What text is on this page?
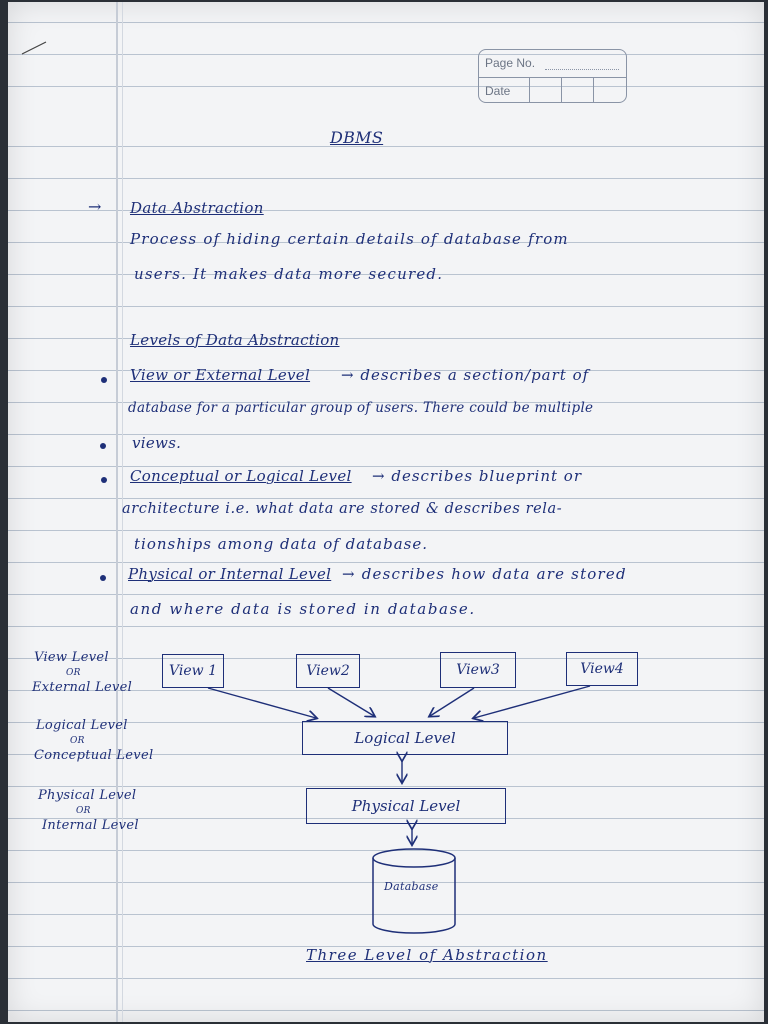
Page No.
Date
DBMS
→ Data Abstraction
Process of hiding certain details of database from
users. It makes data more secured.
Levels of Data Abstraction
View or External Level → describes a section/part of
database for a particular group of users. There could be multiple
views.
Conceptual or Logical Level → describes blueprint or
architecture i.e. what data are stored & describes rela-
tionships among data of database.
Physical or Internal Level → describes how data are stored
and where data is stored in database.
View Level
OR
External Level
Logical Level
OR
Conceptual Level
Physical Level
OR
Internal Level
View 1	View2	View3	View4
Logical Level
Physical Level
Database
Three Level of Abstraction
